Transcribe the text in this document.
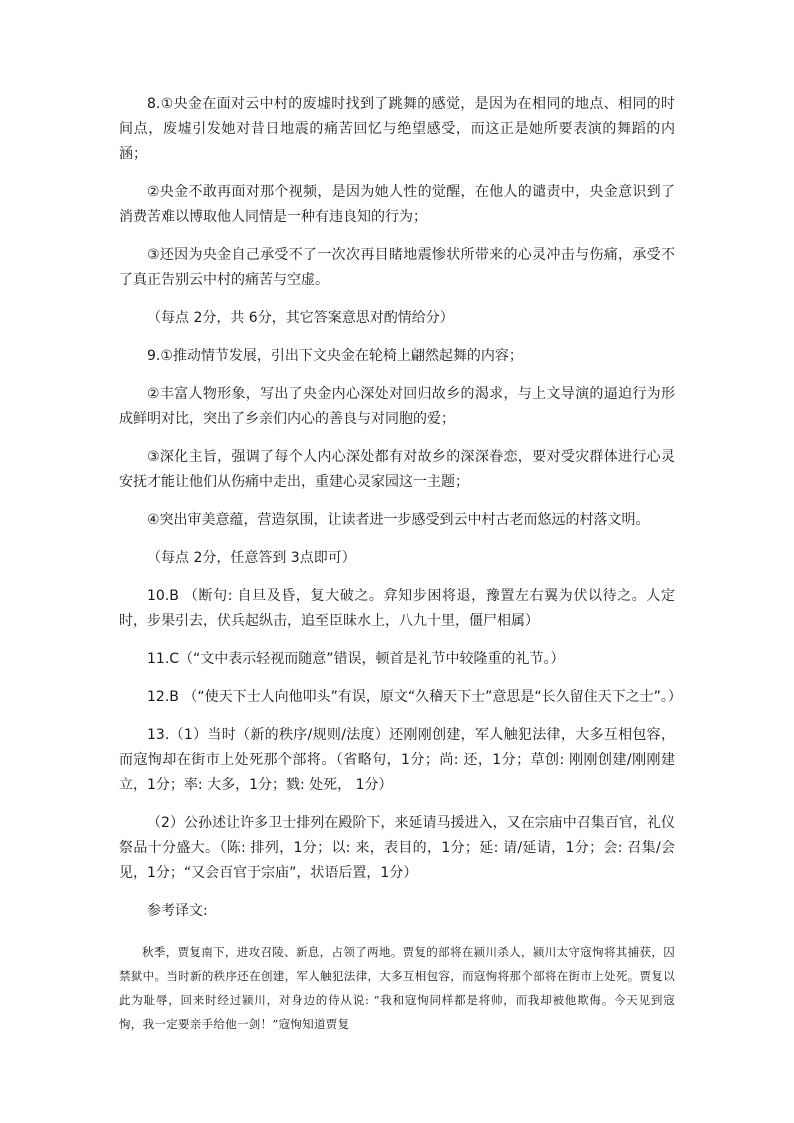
8.①央金在面对云中村的废墟时找到了跳舞的感觉，是因为在相同的地点、相同的时间点，废墟引发她对昔日地震的痛苦回忆与绝望感受，而这正是她所要表演的舞蹈的内涵；

②央金不敢再面对那个视频，是因为她人性的觉醒，在他人的谴责中，央金意识到了消费苦难以博取他人同情是一种有违良知的行为；

③还因为央金自己承受不了一次次再目睹地震惨状所带来的心灵冲击与伤痛，承受不了真正告别云中村的痛苦与空虚。

（每点 2分，共 6分，其它答案意思对酌情给分）

9.①推动情节发展，引出下文央金在轮椅上翩然起舞的内容；

②丰富人物形象，写出了央金内心深处对回归故乡的渴求，与上文导演的逼迫行为形成鲜明对比，突出了乡亲们内心的善良与对同胞的爱；

③深化主旨，强调了每个人内心深处都有对故乡的深深眷恋，要对受灾群体进行心灵安抚才能让他们从伤痛中走出，重建心灵家园这一主题；

④突出审美意蕴，营造氛围，让读者进一步感受到云中村古老而悠远的村落文明。

（每点 2分，任意答到 3点即可）

10.B （断句: 自旦及昏，复大破之。弇知步困将退，豫置左右翼为伏以待之。人定时，步果引去，伏兵起纵击，追至臣昧水上，八九十里，僵尸相属）

11.C（“文中表示轻视而随意”错误，顿首是礼节中较隆重的礼节。）

12.B （“使天下士人向他叩头”有误，原文“久稽天下士”意思是“长久留住天下之士”。）

13.（1）当时（新的秩序/规则/法度）还刚刚创建，军人触犯法律，大多互相包容，而寇恂却在街市上处死那个部将。（省略句，1分；尚: 还，1分；草创: 刚刚创建/刚刚建立，1分；率: 大多，1分；戮: 处死， 1分）

（2）公孙述让许多卫士排列在殿阶下，来延请马援进入，又在宗庙中召集百官，礼仪祭品十分盛大。（陈: 排列，1分；以: 来，表目的，1分；延: 请/延请，1分；会: 召集/会见，1分；“又会百官于宗庙”，状语后置，1分）

参考译文:

秋季，贾复南下，进攻召陵、新息，占领了两地。贾复的部将在颍川杀人，颍川太守寇恂将其捕获，囚禁狱中。当时新的秩序还在创建，军人触犯法律，大多互相包容，而寇恂将那个部将在街市上处死。贾复以此为耻辱，回来时经过颍川，对身边的侍从说: “我和寇恂同样都是将帅，而我却被他欺侮。今天见到寇恂，我一定要亲手给他一剑！”寇恂知道贾复
